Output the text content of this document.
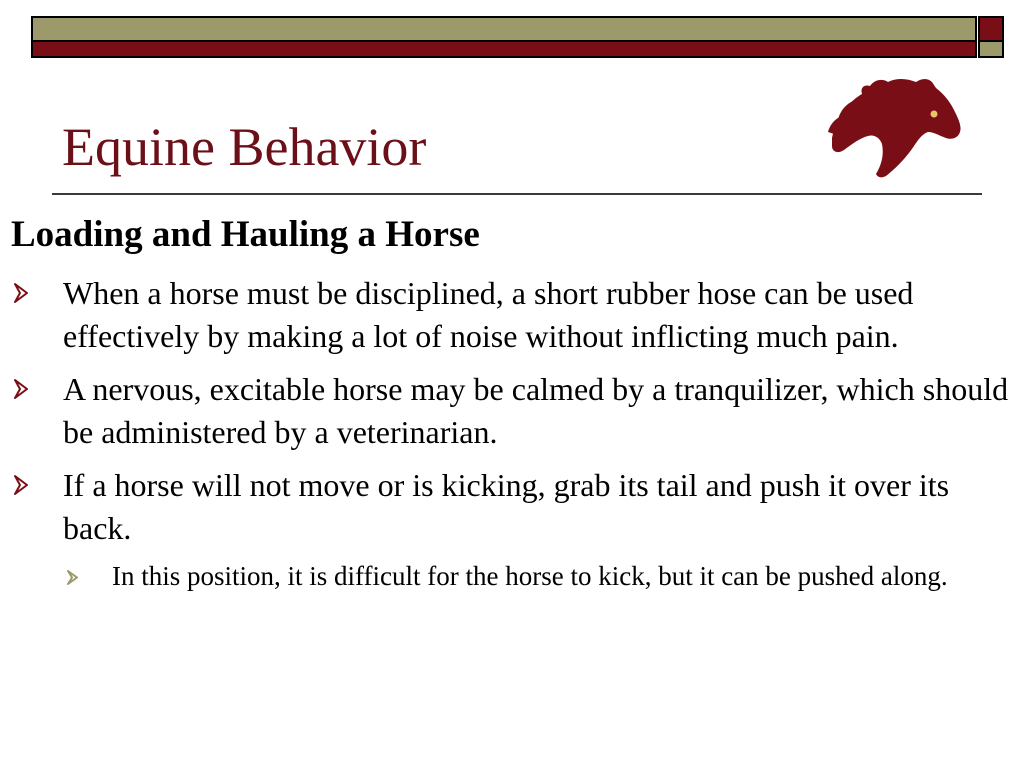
Equine Behavior
Loading and Hauling a Horse
When a horse must be disciplined, a short rubber hose can be used effectively by making a lot of noise without inflicting much pain.
A nervous, excitable horse may be calmed by a tranquilizer, which should be administered by a veterinarian.
If a horse will not move or is kicking, grab its tail and push it over its back.
In this position, it is difficult for the horse to kick, but it can be pushed along.
